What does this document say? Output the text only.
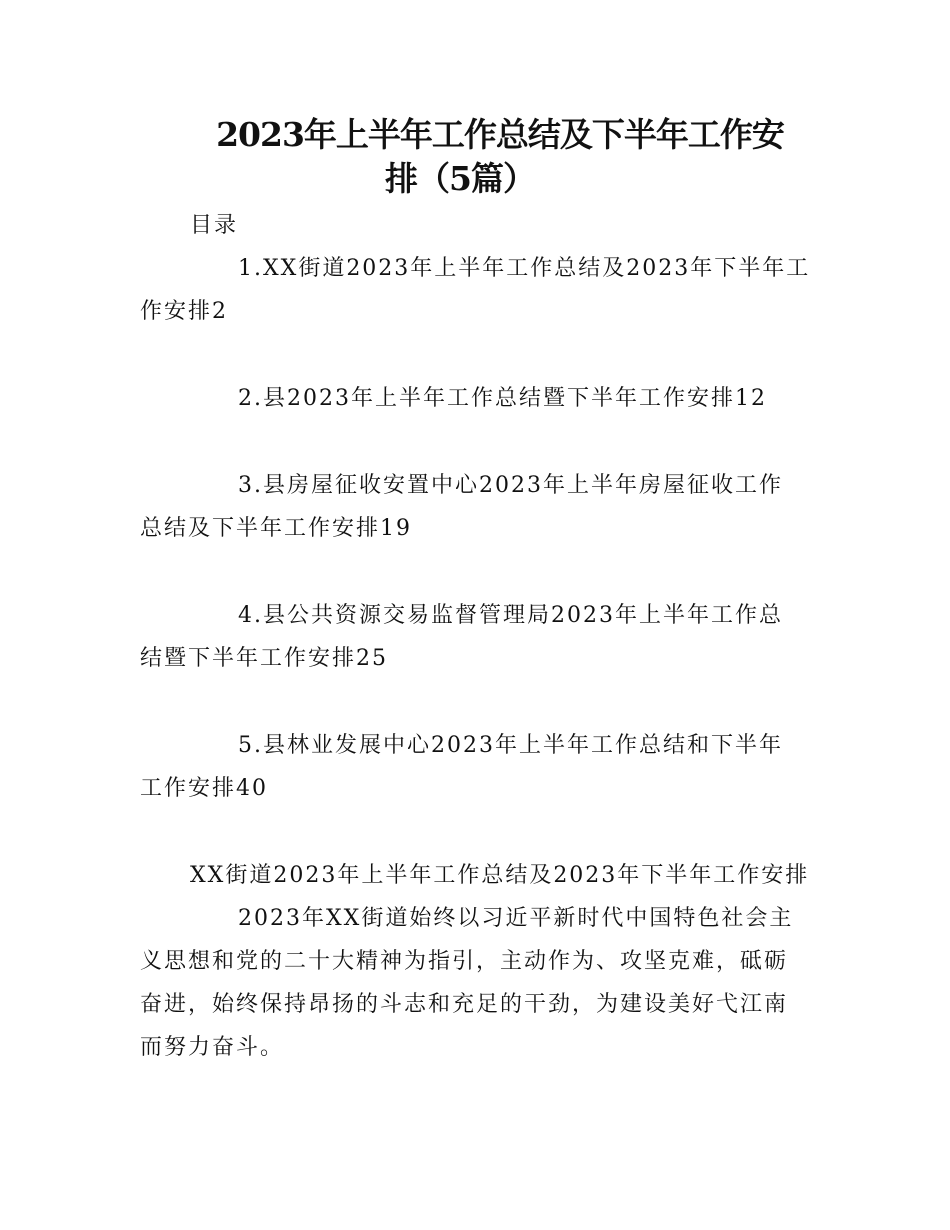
2023年上半年工作总结及下半年工作安
排（5篇）
目录
1.XX街道2023年上半年工作总结及2023年下半年工
作安排2
2.县2023年上半年工作总结暨下半年工作安排12
3.县房屋征收安置中心2023年上半年房屋征收工作
总结及下半年工作安排19
4.县公共资源交易监督管理局2023年上半年工作总
结暨下半年工作安排25
5.县林业发展中心2023年上半年工作总结和下半年
工作安排40
XX街道2023年上半年工作总结及2023年下半年工作安排
2023年XX街道始终以习近平新时代中国特色社会主
义思想和党的二十大精神为指引，主动作为、攻坚克难，砥砺
奋进，始终保持昂扬的斗志和充足的干劲，为建设美好弋江南
而努力奋斗。
